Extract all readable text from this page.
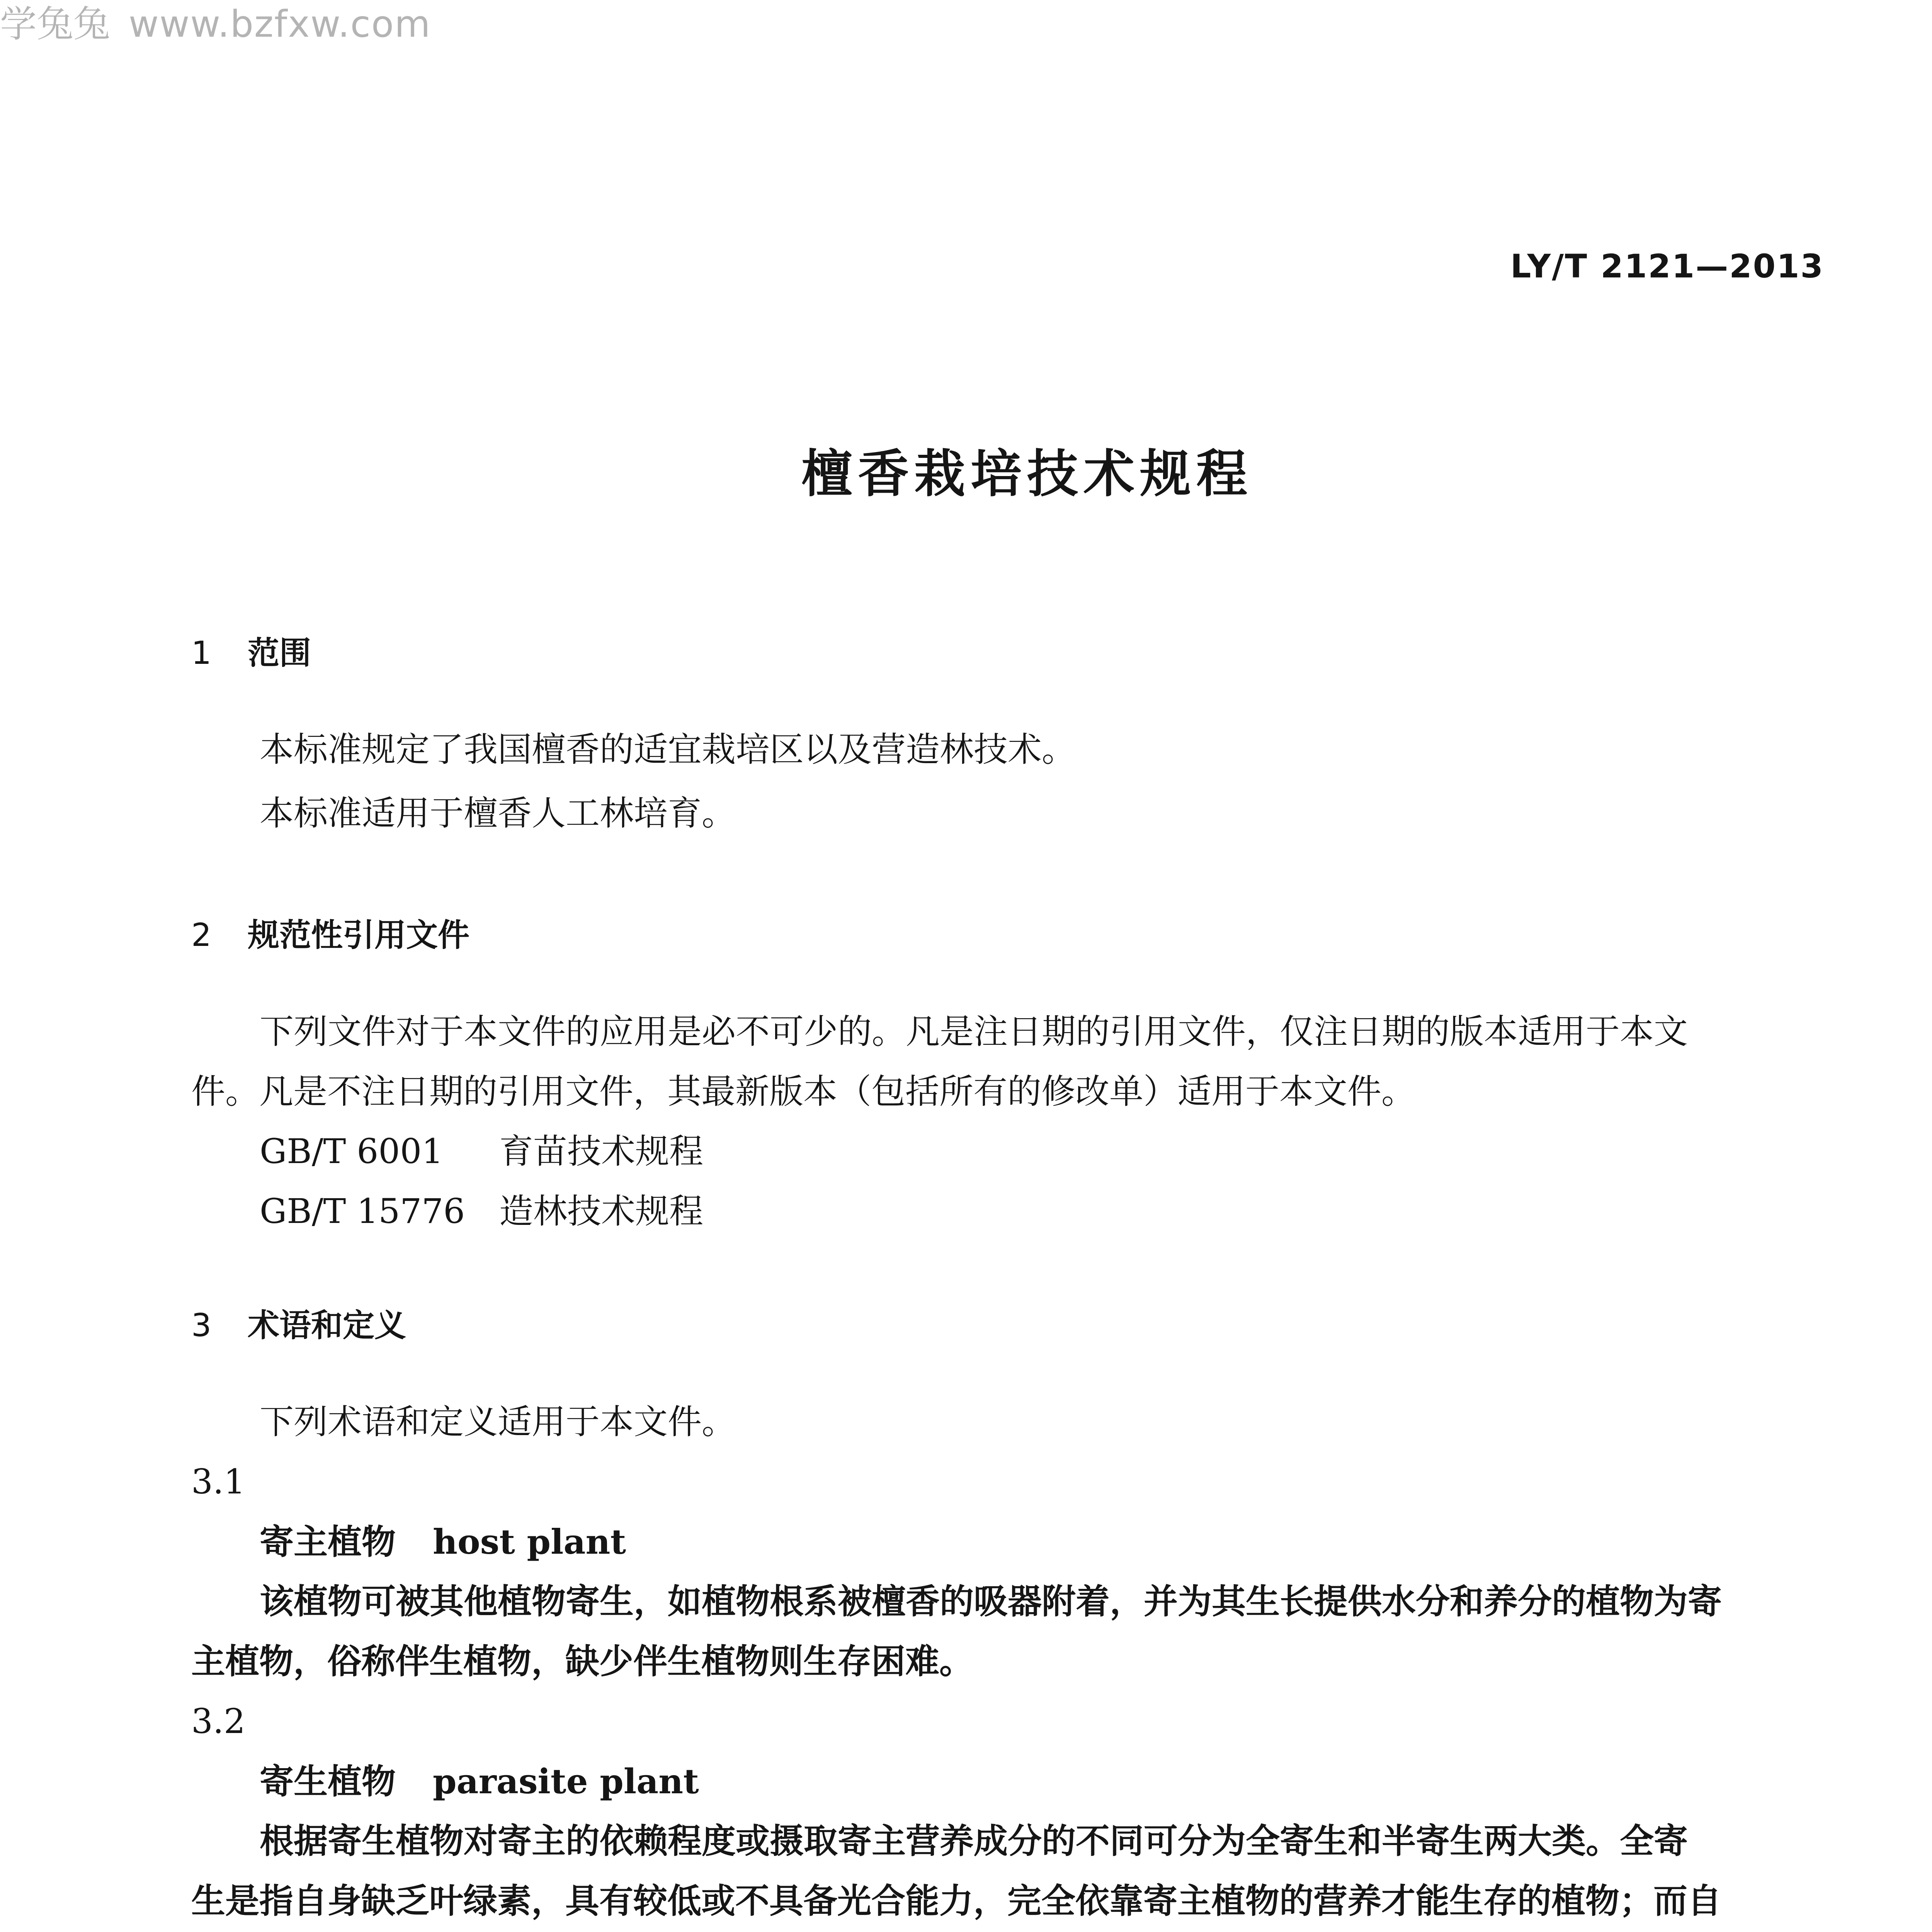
学兔兔 www.bzfxw.com
LY/T 2121—2013
檀香栽培技术规程
1 范围
本标准规定了我国檀香的适宜栽培区以及营造林技术。
本标准适用于檀香人工林培育。
2 规范性引用文件
下列文件对于本文件的应用是必不可少的。凡是注日期的引用文件，仅注日期的版本适用于本文
件。凡是不注日期的引用文件，其最新版本（包括所有的修改单）适用于本文件。
GB/T 6001 育苗技术规程
GB/T 15776 造林技术规程
3 术语和定义
下列术语和定义适用于本文件。
3.1
寄主植物 host plant
该植物可被其他植物寄生，如植物根系被檀香的吸器附着，并为其生长提供水分和养分的植物为寄
主植物，俗称伴生植物，缺少伴生植物则生存困难。
3.2
寄生植物 parasite plant
根据寄生植物对寄主的依赖程度或摄取寄主营养成分的不同可分为全寄生和半寄生两大类。全寄
生是指自身缺乏叶绿素，具有较低或不具备光合能力，完全依靠寄主植物的营养才能生存的植物；而自
